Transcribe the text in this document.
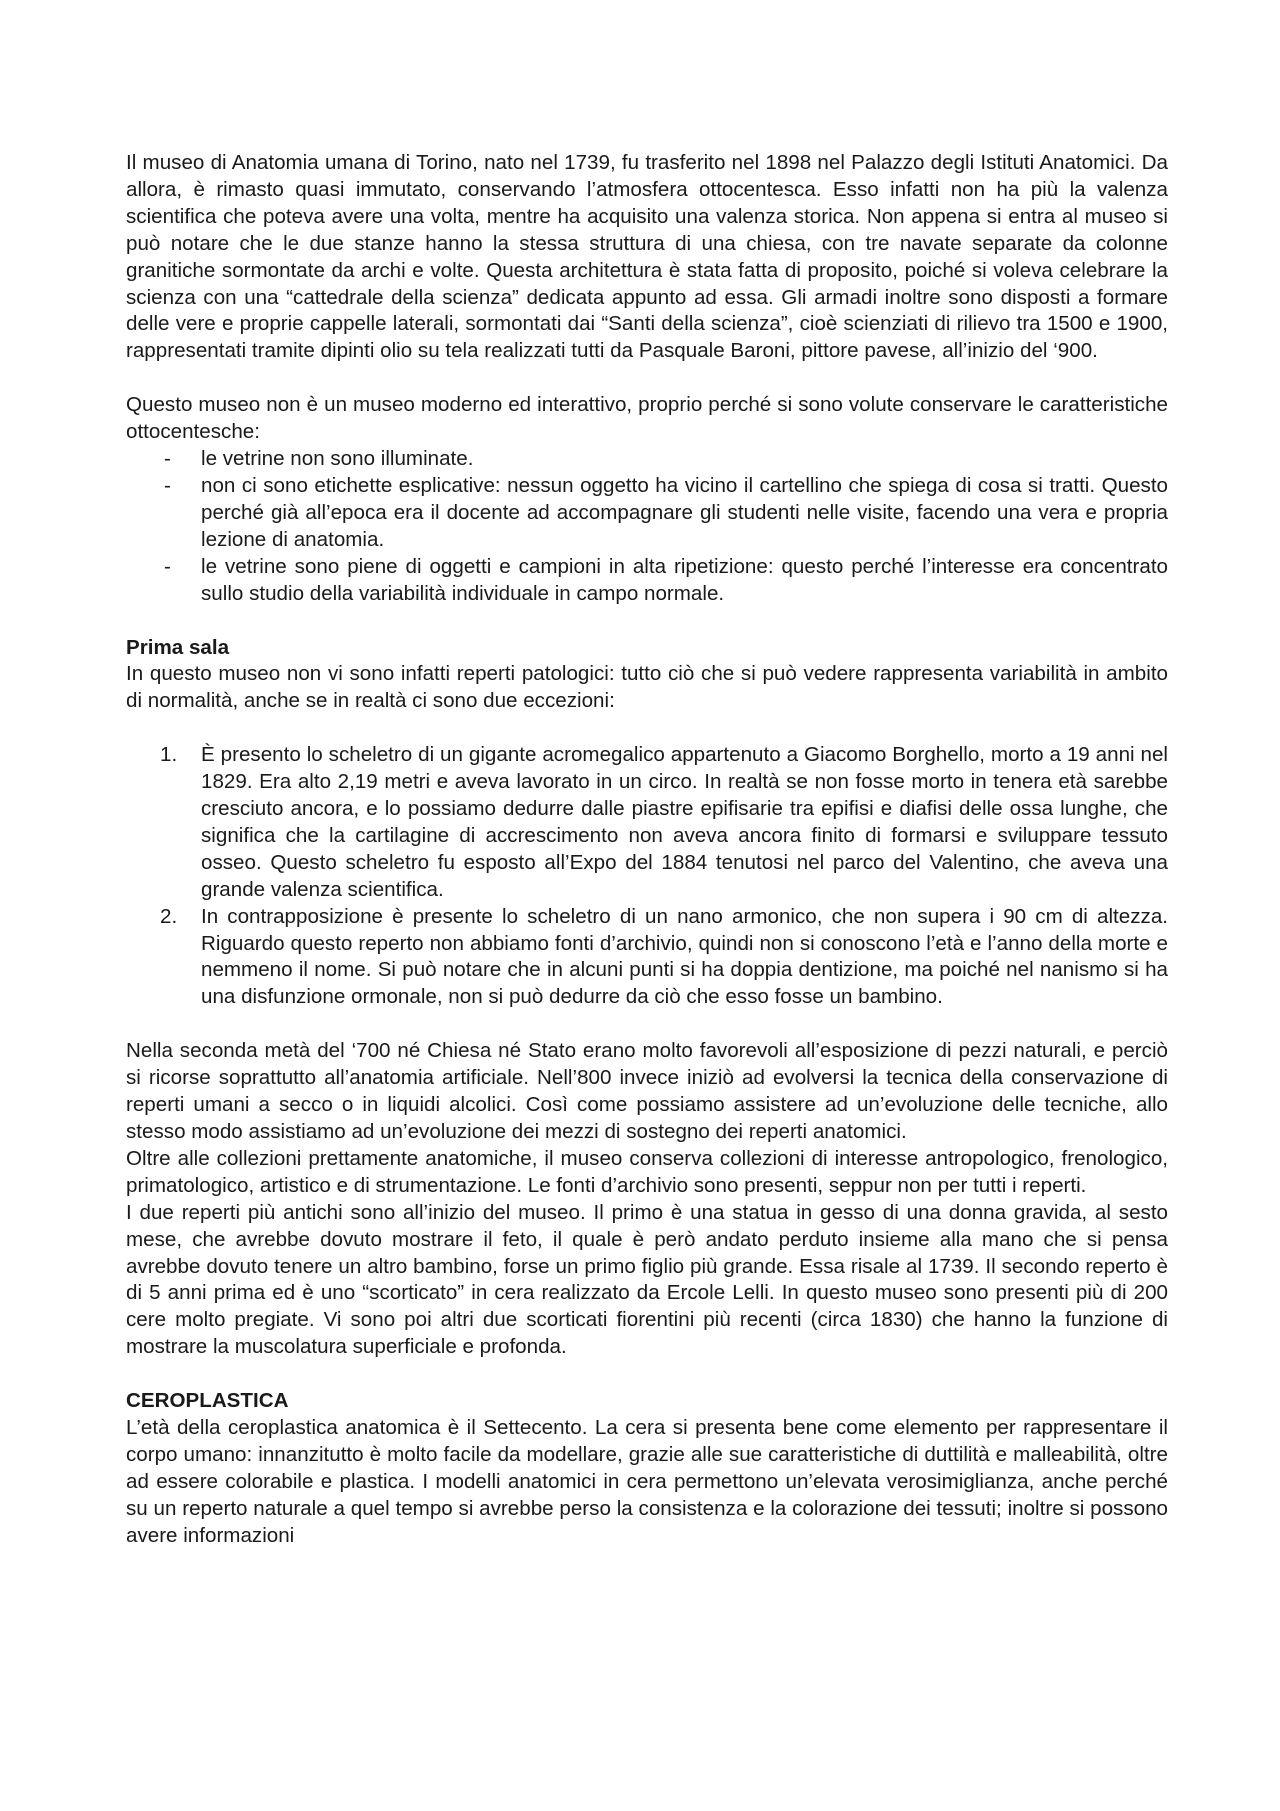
Il museo di Anatomia umana di Torino, nato nel 1739, fu trasferito nel 1898 nel Palazzo degli Istituti Anatomici. Da allora, è rimasto quasi immutato, conservando l’atmosfera ottocentesca. Esso infatti non ha più la valenza scientifica che poteva avere una volta, mentre ha acquisito una valenza storica. Non appena si entra al museo si può notare che le due stanze hanno la stessa struttura di una chiesa, con tre navate separate da colonne granitiche sormontate da archi e volte. Questa architettura è stata fatta di proposito, poiché si voleva celebrare la scienza con una “cattedrale della scienza” dedicata appunto ad essa. Gli armadi inoltre sono disposti a formare delle vere e proprie cappelle laterali, sormontati dai “Santi della scienza”, cioè scienziati di rilievo tra 1500 e 1900, rappresentati tramite dipinti olio su tela realizzati tutti da Pasquale Baroni, pittore pavese, all’inizio del ‘900.

Questo museo non è un museo moderno ed interattivo, proprio perché si sono volute conservare le caratteristiche ottocentesche:

- le vetrine non sono illuminate.
- non ci sono etichette esplicative: nessun oggetto ha vicino il cartellino che spiega di cosa si tratti. Questo perché già all’epoca era il docente ad accompagnare gli studenti nelle visite, facendo una vera e propria lezione di anatomia.
- le vetrine sono piene di oggetti e campioni in alta ripetizione: questo perché l’interesse era concentrato sullo studio della variabilità individuale in campo normale.

Prima sala

In questo museo non vi sono infatti reperti patologici: tutto ciò che si può vedere rappresenta variabilità in ambito di normalità, anche se in realtà ci sono due eccezioni:

1. È presento lo scheletro di un gigante acromegalico appartenuto a Giacomo Borghello, morto a 19 anni nel 1829. Era alto 2,19 metri e aveva lavorato in un circo. In realtà se non fosse morto in tenera età sarebbe cresciuto ancora, e lo possiamo dedurre dalle piastre epifisarie tra epifisi e diafisi delle ossa lunghe, che significa che la cartilagine di accrescimento non aveva ancora finito di formarsi e sviluppare tessuto osseo. Questo scheletro fu esposto all’Expo del 1884 tenutosi nel parco del Valentino, che aveva una grande valenza scientifica.
2. In contrapposizione è presente lo scheletro di un nano armonico, che non supera i 90 cm di altezza. Riguardo questo reperto non abbiamo fonti d’archivio, quindi non si conoscono l’età e l’anno della morte e nemmeno il nome. Si può notare che in alcuni punti si ha doppia dentizione, ma poiché nel nanismo si ha una disfunzione ormonale, non si può dedurre da ciò che esso fosse un bambino.

Nella seconda metà del ‘700 né Chiesa né Stato erano molto favorevoli all’esposizione di pezzi naturali, e perciò si ricorse soprattutto all’anatomia artificiale. Nell’800 invece iniziò ad evolversi la tecnica della conservazione di reperti umani a secco o in liquidi alcolici. Così come possiamo assistere ad un’evoluzione delle tecniche, allo stesso modo assistiamo ad un’evoluzione dei mezzi di sostegno dei reperti anatomici.

Oltre alle collezioni prettamente anatomiche, il museo conserva collezioni di interesse antropologico, frenologico, primatologico, artistico e di strumentazione. Le fonti d’archivio sono presenti, seppur non per tutti i reperti.

I due reperti più antichi sono all’inizio del museo. Il primo è una statua in gesso di una donna gravida, al sesto mese, che avrebbe dovuto mostrare il feto, il quale è però andato perduto insieme alla mano che si pensa avrebbe dovuto tenere un altro bambino, forse un primo figlio più grande. Essa risale al 1739. Il secondo reperto è di 5 anni prima ed è uno “scorticato” in cera realizzato da Ercole Lelli. In questo museo sono presenti più di 200 cere molto pregiate. Vi sono poi altri due scorticati fiorentini più recenti (circa 1830) che hanno la funzione di mostrare la muscolatura superficiale e profonda.

CEROPLASTICA

L’età della ceroplastica anatomica è il Settecento. La cera si presenta bene come elemento per rappresentare il corpo umano: innanzitutto è molto facile da modellare, grazie alle sue caratteristiche di duttilità e malleabilità, oltre ad essere colorabile e plastica. I modelli anatomici in cera permettono un’elevata verosimiglianza, anche perché su un reperto naturale a quel tempo si avrebbe perso la consistenza e la colorazione dei tessuti; inoltre si possono avere informazioni
